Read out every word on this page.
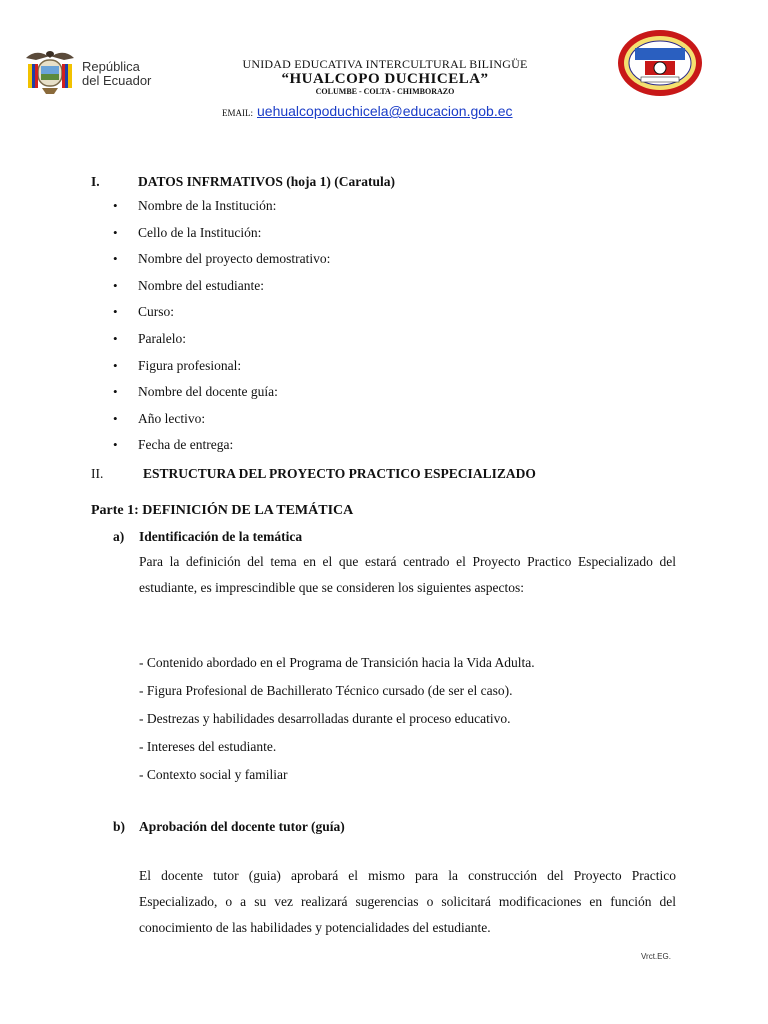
República
del Ecuador
UNIDAD EDUCATIVA INTERCULTURAL BILINGÜE
“HUALCOPO DUCHICELA”
COLUMBE - COLTA - CHIMBORAZO
EMAIL: uehualcopoduchicela@educacion.gob.ec
I.	DATOS INFRMATIVOS (hoja 1) (Caratula)
• Nombre de la Institución:
• Cello de la Institución:
• Nombre del proyecto demostrativo:
• Nombre del estudiante:
• Curso:
• Paralelo:
• Figura profesional:
• Nombre del docente guía:
• Año lectivo:
• Fecha de entrega:
II.	ESTRUCTURA DEL PROYECTO PRACTICO ESPECIALIZADO
Parte 1: DEFINICIÓN DE LA TEMÁTICA
a) Identificación de la temática
Para la definición del tema en el que estará centrado el Proyecto Practico Especializado del estudiante, es imprescindible que se consideren los siguientes aspectos:
- Contenido abordado en el Programa de Transición hacia la Vida Adulta.
- Figura Profesional de Bachillerato Técnico cursado (de ser el caso).
- Destrezas y habilidades desarrolladas durante el proceso educativo.
- Intereses del estudiante.
- Contexto social y familiar
b) Aprobación del docente tutor (guía)
El docente tutor (guia) aprobará el mismo para la construcción del Proyecto Practico Especializado, o a su vez realizará sugerencias o solicitará modificaciones en función del conocimiento de las habilidades y potencialidades del estudiante.
Vrct.EG.
